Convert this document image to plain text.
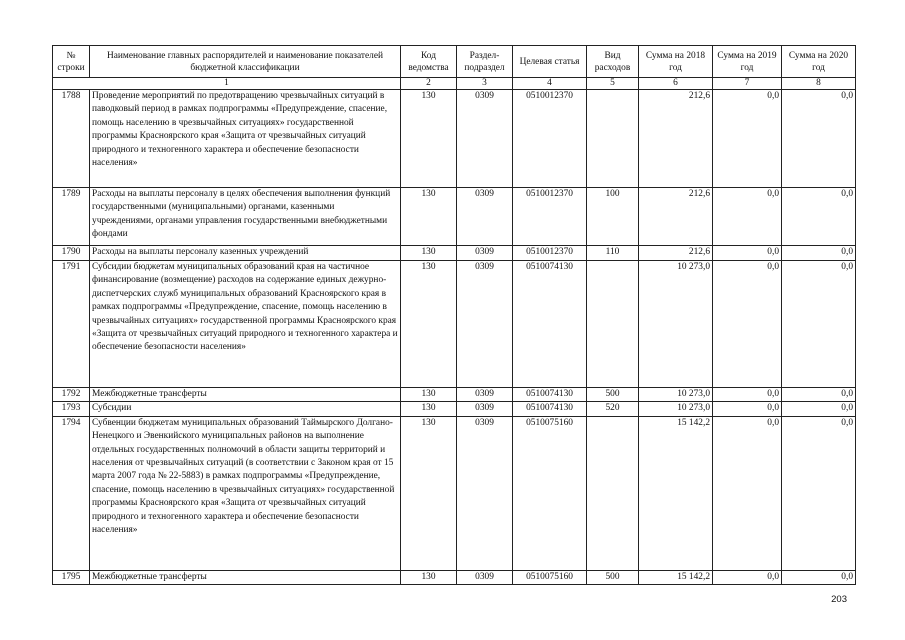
№ строки	Наименование главных распорядителей и наименование показателей бюджетной классификации	Код ведомства	Раздел-подраздел	Целевая статья	Вид расходов	Сумма на 2018 год	Сумма на 2019 год	Сумма на 2020 год
1		2	3	4	5	6	7	8
1788	Проведение мероприятий по предотвращению чрезвычайных ситуаций в паводковый период в рамках подпрограммы «Предупреждение, спасение, помощь населению в чрезвычайных ситуациях» государственной программы Красноярского края «Защита от чрезвычайных ситуаций природного и техногенного характера и обеспечение безопасности населения»	130	0309	0510012370		212,6	0,0	0,0
1789	Расходы на выплаты персоналу в целях обеспечения выполнения функций государственными (муниципальными) органами, казенными учреждениями, органами управления государственными внебюджетными фондами	130	0309	0510012370	100	212,6	0,0	0,0
1790	Расходы на выплаты персоналу казенных учреждений	130	0309	0510012370	110	212,6	0,0	0,0
1791	Субсидии бюджетам муниципальных образований края на частичное финансирование (возмещение) расходов на содержание единых дежурно-диспетчерских служб муниципальных образований Красноярского края в рамках подпрограммы «Предупреждение, спасение, помощь населению в чрезвычайных ситуациях» государственной программы Красноярского края «Защита от чрезвычайных ситуаций природного и техногенного характера и обеспечение безопасности населения»	130	0309	0510074130		10 273,0	0,0	0,0
1792	Межбюджетные трансферты	130	0309	0510074130	500	10 273,0	0,0	0,0
1793	Субсидии	130	0309	0510074130	520	10 273,0	0,0	0,0
1794	Субвенции бюджетам муниципальных образований Таймырского Долгано-Ненецкого и Эвенкийского муниципальных районов на выполнение отдельных государственных полномочий в области защиты территорий и населения от чрезвычайных ситуаций (в соответствии с Законом края от 15 марта 2007 года № 22-5883) в рамках подпрограммы «Предупреждение, спасение, помощь населению в чрезвычайных ситуациях» государственной программы Красноярского края «Защита от чрезвычайных ситуаций природного и техногенного характера и обеспечение безопасности населения»	130	0309	0510075160		15 142,2	0,0	0,0
1795	Межбюджетные трансферты	130	0309	0510075160	500	15 142,2	0,0	0,0
203
